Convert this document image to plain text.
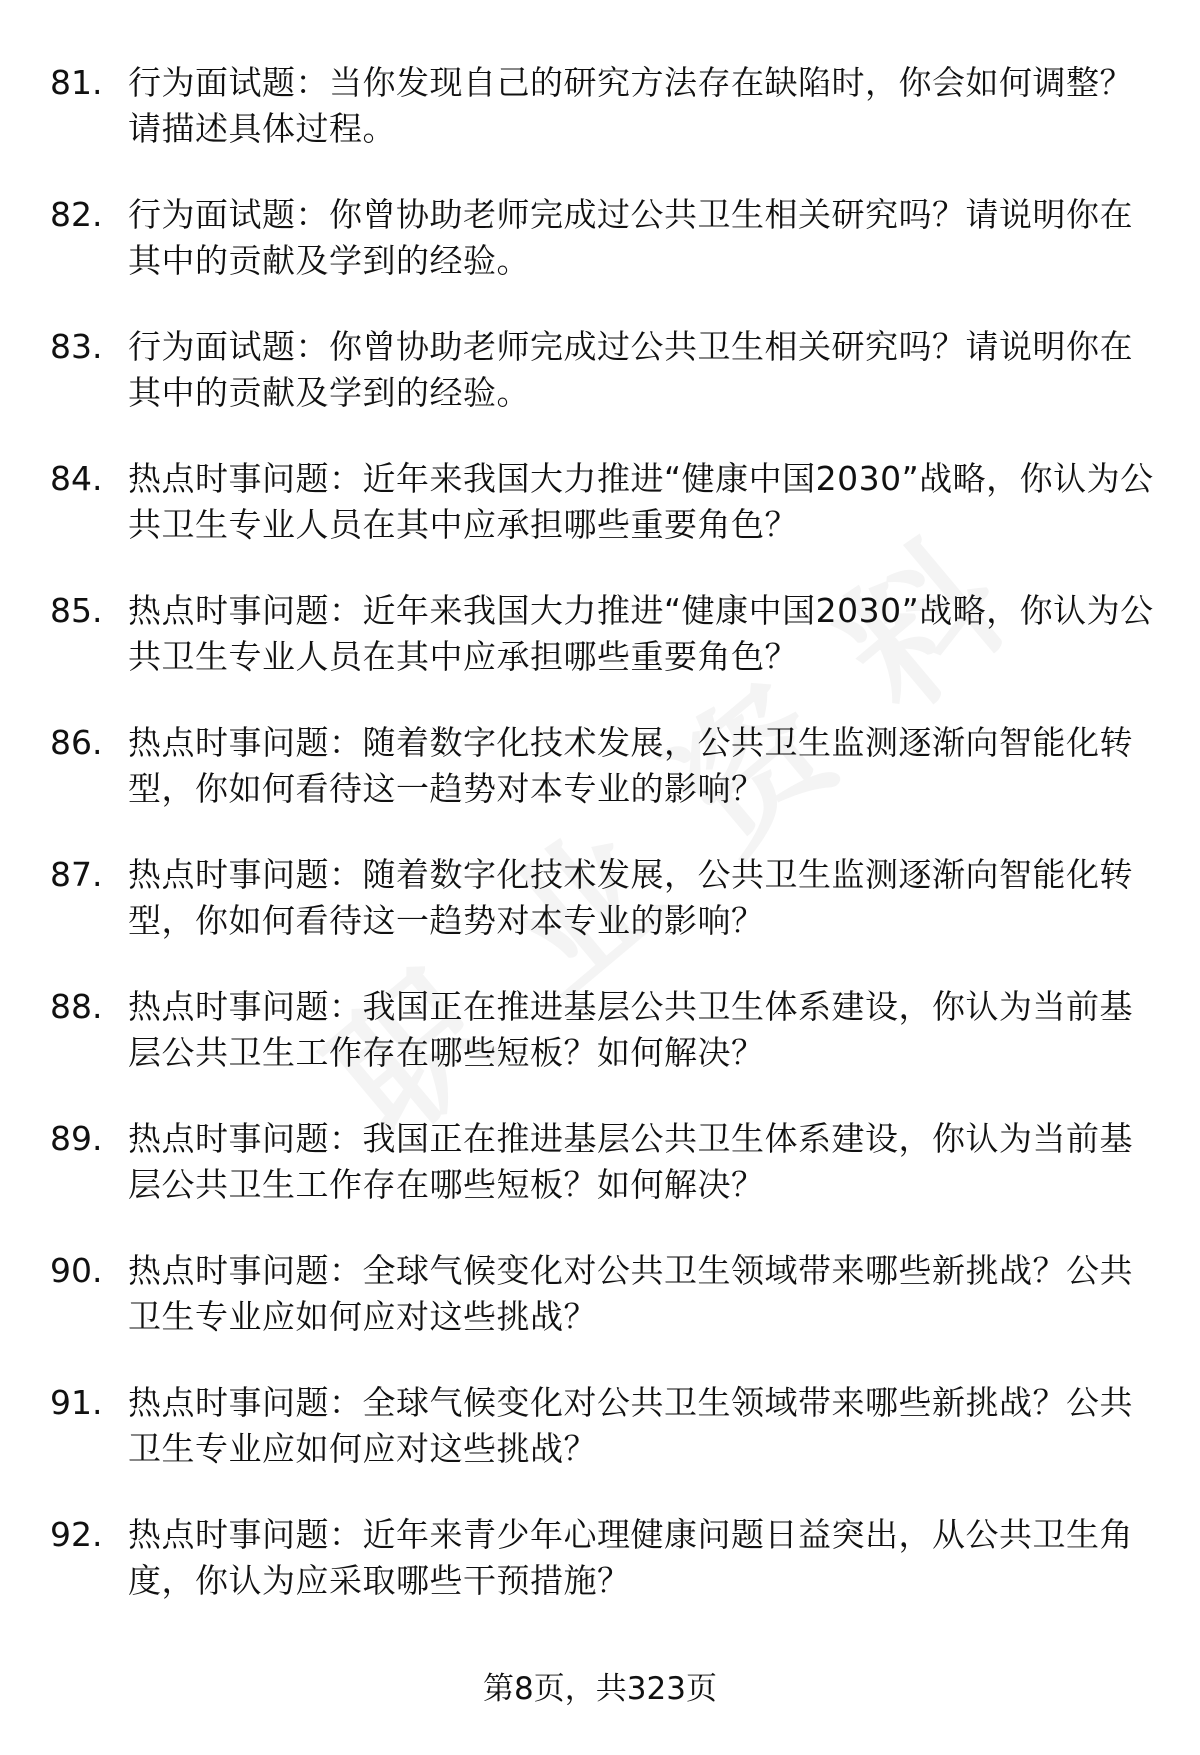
81. 行为面试题：当你发现自己的研究方法存在缺陷时，你会如何调整？请描述具体过程。
82. 行为面试题：你曾协助老师完成过公共卫生相关研究吗？请说明你在其中的贡献及学到的经验。
83. 行为面试题：你曾协助老师完成过公共卫生相关研究吗？请说明你在其中的贡献及学到的经验。
84. 热点时事问题：近年来我国大力推进“健康中国2030”战略，你认为公共卫生专业人员在其中应承担哪些重要角色？
85. 热点时事问题：近年来我国大力推进“健康中国2030”战略，你认为公共卫生专业人员在其中应承担哪些重要角色？
86. 热点时事问题：随着数字化技术发展，公共卫生监测逐渐向智能化转型，你如何看待这一趋势对本专业的影响？
87. 热点时事问题：随着数字化技术发展，公共卫生监测逐渐向智能化转型，你如何看待这一趋势对本专业的影响？
88. 热点时事问题：我国正在推进基层公共卫生体系建设，你认为当前基层公共卫生工作存在哪些短板？如何解决？
89. 热点时事问题：我国正在推进基层公共卫生体系建设，你认为当前基层公共卫生工作存在哪些短板？如何解决？
90. 热点时事问题：全球气候变化对公共卫生领域带来哪些新挑战？公共卫生专业应如何应对这些挑战？
91. 热点时事问题：全球气候变化对公共卫生领域带来哪些新挑战？公共卫生专业应如何应对这些挑战？
92. 热点时事问题：近年来青少年心理健康问题日益突出，从公共卫生角度，你认为应采取哪些干预措施？
第8页，共323页
